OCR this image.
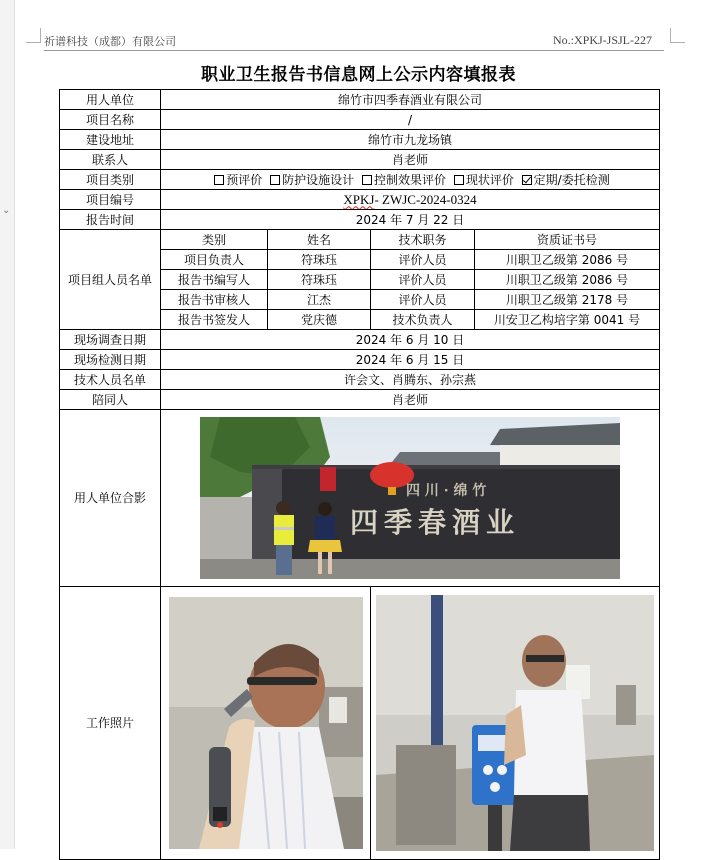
⌄
祈谱科技（成都）有限公司	No.:XPKJ-JSJL-227
职业卫生报告书信息网上公示内容填报表
用人单位	绵竹市四季春酒业有限公司			
项目名称	/			
建设地址	绵竹市九龙场镇			
联系人	肖老师			
项目类别	预评价 防护设施设计 控制效果评价 现状评价 定期/委托检测			
项目编号	XPKJ- ZWJC-2024-0324			
报告时间	2024 年 7 月 22 日			
项目组人员名单	类别	姓名	技术职务	资质证书号
	项目负责人	符珠珏	评价人员	川职卫乙级第 2086 号
	报告书编写人	符珠珏	评价人员	川职卫乙级第 2086 号
	报告书审核人	江杰	评价人员	川职卫乙级第 2178 号
	报告书签发人	党庆德	技术负责人	川安卫乙构培字第 0041 号
现场调查日期	2024 年 6 月 10 日			
现场检测日期	2024 年 6 月 15 日			
技术人员名单	许会文、肖腾东、孙宗燕			
陪同人	肖老师			
用人单位合影	四 川 · 绵 竹
四季春酒业			

工作照片	
